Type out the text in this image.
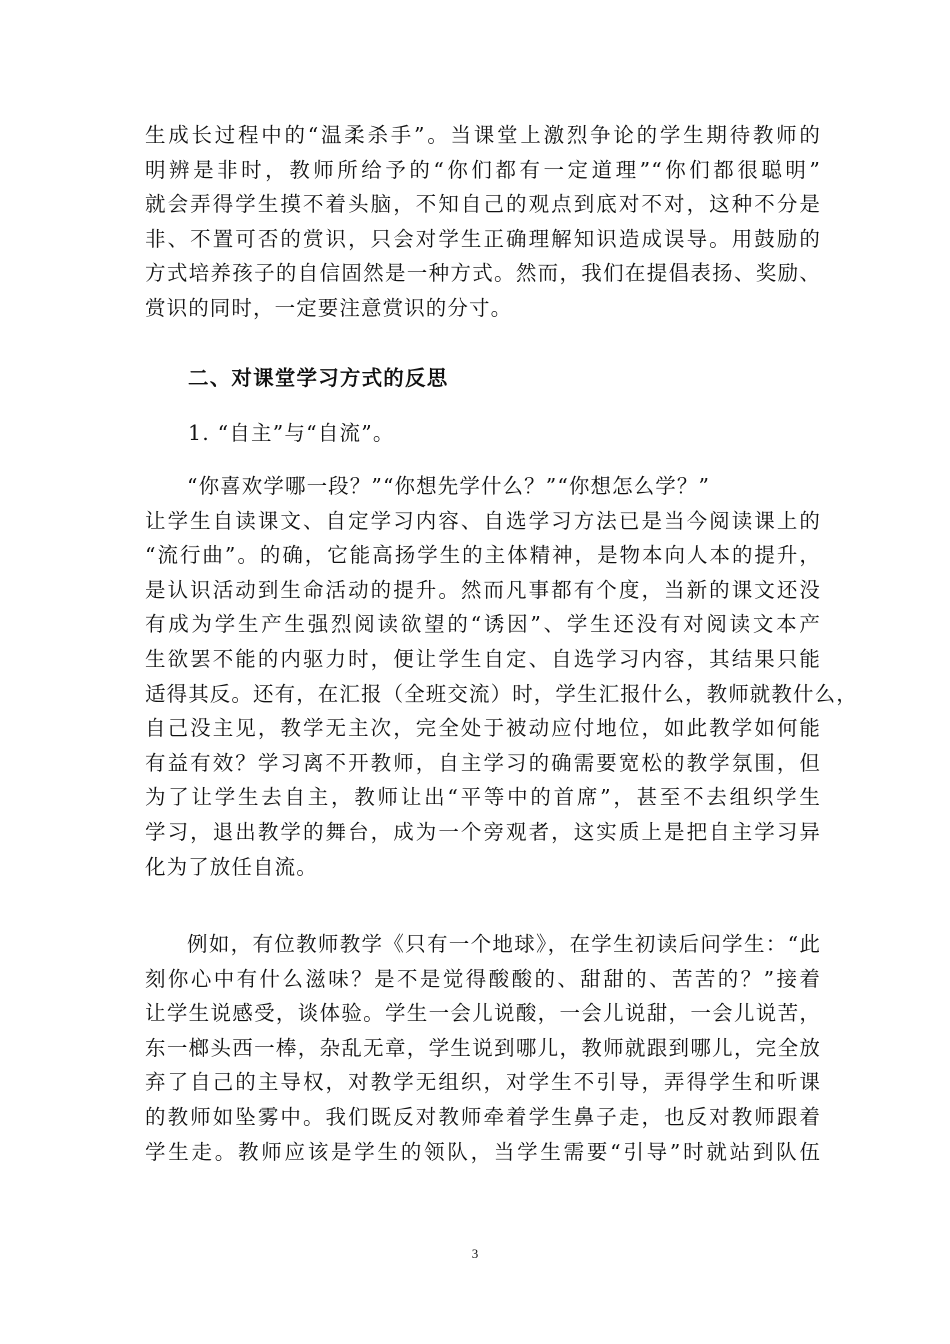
生成长过程中的“温柔杀手”。当课堂上激烈争论的学生期待教师的
明辨是非时，教师所给予的“你们都有一定道理”“你们都很聪明”
就会弄得学生摸不着头脑，不知自己的观点到底对不对，这种不分是
非、不置可否的赏识，只会对学生正确理解知识造成误导。用鼓励的
方式培养孩子的自信固然是一种方式。然而，我们在提倡表扬、奖励、
赏识的同时，一定要注意赏识的分寸。
二、对课堂学习方式的反思
1. “自主”与“自流”。
“你喜欢学哪一段？”“你想先学什么？”“你想怎么学？”
让学生自读课文、自定学习内容、自选学习方法已是当今阅读课上的
“流行曲”。的确，它能高扬学生的主体精神，是物本向人本的提升，
是认识活动到生命活动的提升。然而凡事都有个度，当新的课文还没
有成为学生产生强烈阅读欲望的“诱因”、学生还没有对阅读文本产
生欲罢不能的内驱力时，便让学生自定、自选学习内容，其结果只能
适得其反。还有，在汇报（全班交流）时，学生汇报什么，教师就教什么，
自己没主见，教学无主次，完全处于被动应付地位，如此教学如何能
有益有效？学习离不开教师，自主学习的确需要宽松的教学氛围，但
为了让学生去自主，教师让出“平等中的首席”，甚至不去组织学生
学习，退出教学的舞台，成为一个旁观者，这实质上是把自主学习异
化为了放任自流。
例如，有位教师教学《只有一个地球》，在学生初读后问学生：“此
刻你心中有什么滋味？是不是觉得酸酸的、甜甜的、苦苦的？”接着
让学生说感受，谈体验。学生一会儿说酸，一会儿说甜，一会儿说苦，
东一榔头西一棒，杂乱无章，学生说到哪儿，教师就跟到哪儿，完全放
弃了自己的主导权，对教学无组织，对学生不引导，弄得学生和听课
的教师如坠雾中。我们既反对教师牵着学生鼻子走，也反对教师跟着
学生走。教师应该是学生的领队，当学生需要“引导”时就站到队伍
3
